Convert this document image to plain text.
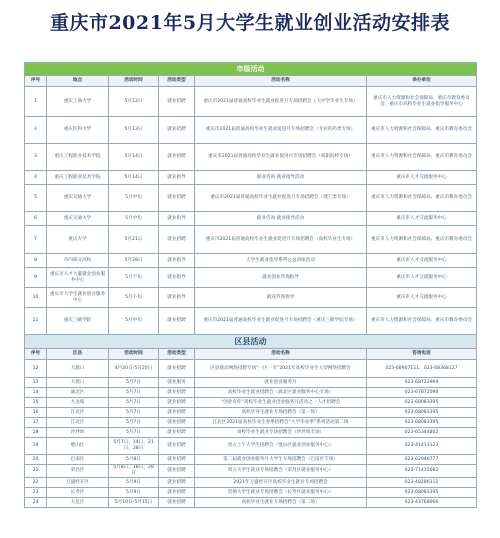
重庆市2021年5月大学生就业创业活动安排表
市级活动					
序号	地点	活动时间	活动类型	活动名称	举办单位
1	重庆工商大学	5月12日	就业招聘	重庆市2021届普通高校毕业生就业促进月专场招聘会（大中学毕业生专场）	重庆市人力资源和社会保障局、重庆市教育委员会、重庆市高校毕业生就业指导服务中心
2	重庆医科大学	5月13日	就业招聘	重庆市2021届普通高校毕业生就业促进月专场招聘会（专业医药类专场）	重庆市人力资源和社会保障局、重庆市教育委员会
3	重庆工程职业技术学院	5月14日	就业招聘	重庆市2021届普通高校毕业生就业促进月专场招聘会（高职院校专场）	重庆市人力资源和社会保障局、重庆市教育委员会
4	重庆工程职业技术学院	5月14日	就业指导	职业咨询·就业指导活动	重庆市人才交流服务中心
5	重庆交通大学	5月中旬	就业招聘	重庆市2021届普通高校毕业生就业促进月专场招聘会（理工类专场）	重庆市人力资源和社会保障局、重庆市教育委员会
6	重庆交通大学	5月中旬	就业指导	职业咨询·就业指导活动	重庆市人才交流服务中心
7	重庆大学	5月21日	就业招聘	重庆市2021届普通高校毕业生就业促进月专场招聘会（高校毕业生专场）	重庆市人力资源和社会保障局、重庆市教育委员会
8	市内部分高校	5月28日	就业指导	大学生就业指导系列公益讲座活动	重庆市人才交流服务中心
9	重庆市人才大厦就业创业服务中心	5月下旬	就业指导	就业创业咨询指导	重庆市人才交流服务中心
10	重庆市大学生就业创业服务中心	5月下旬	就业指导	就业咨询指导	重庆市人才交流服务中心
11	重庆三峡学院	5月中旬	就业招聘	重庆市2021届普通高校毕业生就业促进月专场招聘会（重庆三峡学院专场）	重庆市人力资源和社会保障局、重庆市教育委员会
区县活动					
序号	区县	活动时间	活动类型	活动名称	咨询电话
12	大渡口	4月20日-5月20日	就业招聘	区县联动网络招聘专场“一区一专”2021年高校毕业生大型网络招聘会	023-68907111、023-68368127
13	大渡口	5月7日	就业服务	就业创业服务月	023-68722969
14	渝北区	5月7日	就业招聘	高校毕业生就业招聘会（渝北区就业服务中心专场）	023-67872090
15	九龙坡	5月7日	就业招聘	“创业有你”高校毕业生就业创业服务月活动之一人才招聘会	023-68083395
16	江北区	5月7日	就业招聘	高校毕业生就业专场招聘会（第一场）	023-68083395
17	江北区	5月7日	就业招聘	江北区2021届高校毕业生春季招聘会“大学毕业季”系列活动第二场	023-68083395
18	沙坪坝	5月7日	就业招聘	高校毕业生就业专场招聘会（沙坪坝专场）	023-65344802
19	璧山区	5月7日、14日、21日、28日	就业招聘	周五上午大学生招聘会（璧山区就业创业服务中心）	023-41413123
20	巴南区	5月8日	就业招聘	第二届就业创业服务月大学生专场招聘会（巴南区专场）	023-62946777
21	荣昌区	5月8日、18日、28日	就业招聘	周五大学生就业专场招聘会（荣昌区就业服务中心）	023-71415682
22	万盛经开区	5月9日	就业招聘	2021年万盛经开区高校毕业生就业专场招聘会	023-48286111
23	长寿区	5月9日	就业招聘	贯彻大学生就业专场招聘会（长寿区就业服务中心）	023-68083395
24	大足区	5月10日-5月15日	就业招聘	高校毕业生就业专场招聘会（第二场）	023-43768066
